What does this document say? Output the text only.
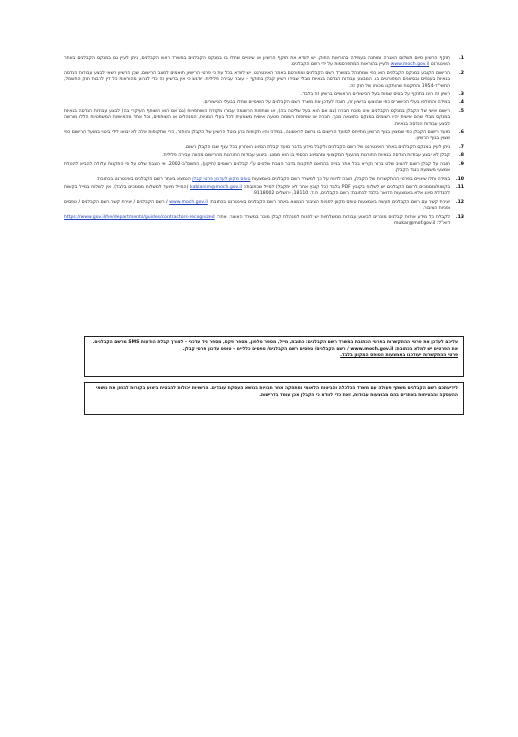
1.
תוקף הרשיון מיום תשלום האגרה ומותנה בעמידה בהוראות החוק. יש לוודא את תוקף הרשיון או שינויים שחלו בו במנקס הקבלנים במשרד ראש הקבלנים, ניתן לעיין גם במנקס הקבלנים באתר האינטרנט www.moch.gov.il ולעיין בהוראות המתפרסמות על ידי רשם הקבלנים.
2.
הרישום הקובע במנקס הקבלנים הוא כפי שמתנהל במשרד רשם הקבלנים ומפורסם באתר האינטרנט. יש לוודא בכל עת כי פרטי הרישיון תואמים למצב הרישום, שכן הרשיון רשאי לבצע עבודות הנדסה בנאיות בענפים ובסיווגים המפורטים בו. המבצע עבודות הנדסה בנאיות מבלי שבידו רשיון קבלן בתוקף – עובר עבירה פלילית. יודגש כי אין ברשיון זה כדי לגרוע מהוראות כל דין לרבות חוק החשמל, התשי"ד-1954 והתקנות שהותקנו מכוחו של חוק זה.
3.
רשיון זה הינו בתוקף על בסיס שמות בעל הכישורים הראשיים ברשיון זה בלבד.
4.
במידה והחולפו בעלי הכישורים כפי שהוצעו ברשיון זה, חובה לעדכן את משרד רשם הקבלנים על השינויים שחלו בבעלי הכישורים.
5.
רישום אישי של הקבלן במנקס הקבלנים אינו מוכח חברה (גם אם הוא בעל שליטה בה), או שותפות הרשומה עבורו מקודת השותפויות (גם אם הוא השותף העיקרי בה) לבצע עבודות הנדסה בנאיות במנקס מבלי שהם אישית יהיו רשומים במנקס כתוצאה מכך. חברה או שותפות רשומה מטעה אישית משמעית לכל בעלי המניות, המנהלים או השותפים, וכל אחד מהאישיות המשפטיות הללו מורשה לבצע עבודות הנדסה בנאיות.
6.
מועד רישום הקבלן כפי שמצוין בגוף הרשיון מתייחס למועד הרישום בו נרשם לראשונה, במידה והיו תקופות בהן בוטל הרשיון של הקבלן והוחזר, הרי שתקופות אלה לא יבואו לידי ביטוי במועד הרישום כפי שצוין בגוף הרשיון.
7.
ניתן לעיין במנקס הקבלנים באתר האינטרנט של רשם הקבלנים ולקבל מידע בדבר מועד קבלת הסיווג האחרון בכל ענף שבו הקבלן רשום.
8.
קבלן לא יבצע עבודות הנדסה בנאיות החורגות מהענף המקצועי ומהסיווג הכספי בו הוא מסווג. ביצוע עבודות החורגות מהרישום מהווה עבירה פלילית.
9.
חובה על קבלן רשום להציב שלט ברור וקריא בכל אתר בנייה בהתאם לתקנות בדבר הצבת שלטים ע"י קבלנים רשומים (תיקון), התשס"ב-2002. אי הצבת שלט על פי התקנות עלולה להביא להטלת אמצעי משמעת כנגד הקבלן.
10.
במידה ותלו שינויים בפרטי ההתקשרות של הקבלן, חובה לדווח על כך למשרד רשם הקבלנים באמצעות טופס מקוון לעדכון פרטי קבלן הנמצא באתר רשם הקבלנים באינטרנט בכתובת:
11.
בקשות/מסמכים לרשם הקבלנים יש לשלוח בקובץ PDF בלבד (כל קובץ אחר לא יתקבל) למייל שכתובתו: kablanim@moch.gov.il (המייל מיועד למשלוח מסמכים בלבד). אין לשלוח במייל בקשות להגדלת סיווג אלא באמצעות הדואר בלבד לכתובת: רשם הקבלנים, ת.ד. 18110, ירושלים 9118002.
12.
יצירת קשר עם רשם הקבלנים תעשה באמצעות טופס מקוון לפניות הציבור הנמצא באתר רשם הקבלנים באינטרנט בכתובת: www.moch.gov.il / רשם הקבלנים / יצירת קשר.רשם הקבלנים / טפסים ופניות הציבור.
13.
לקבלת כל מידע אודות קבלנים מוכרים לביצוע עבודות ממשלתיות יש לפנות למנהלת קבלן מוכר במשרד האוצר. אתר: https://www.gov.il/he/departments/guides/contractors-recognized דוא"ל: mukar@mof.gov.il
עליכם לעדכן את פרטי ההתקשרות בפרטי הכתובת במשרד רשם הקבלנים: כתובת, מייל, מספר טלפון, מספר פקס, מספר ניד עדכני – לצורך קבלת הודעות SMS מרשם הקבלנים.
את הפרטים יש למלא בכתובת: www.moch.gov.il / רשם הקבלנים/ טפסים רשם הקבלנים/ טפסים כלליים – טופס עדכון פרטי קבלן.
פרטי ההתקשרות יעודכנו באמצעות הטופס המקוון בלבד.
לידיעתכם רשם הקבלנים משתף פעולה עם משרד הכלכלה והביטוח הלאומי ומתחקה אחר חבויות בנושא העסקת עובדים. הרשויות יכולות להבטיח ביצוע בקורות לבחון את נושאי ההעסקה והבטיחות באתרים בהם מבוצעות עבודות, זאת כדי לוודא כי הקבלן אכן עומד בדרישות.
